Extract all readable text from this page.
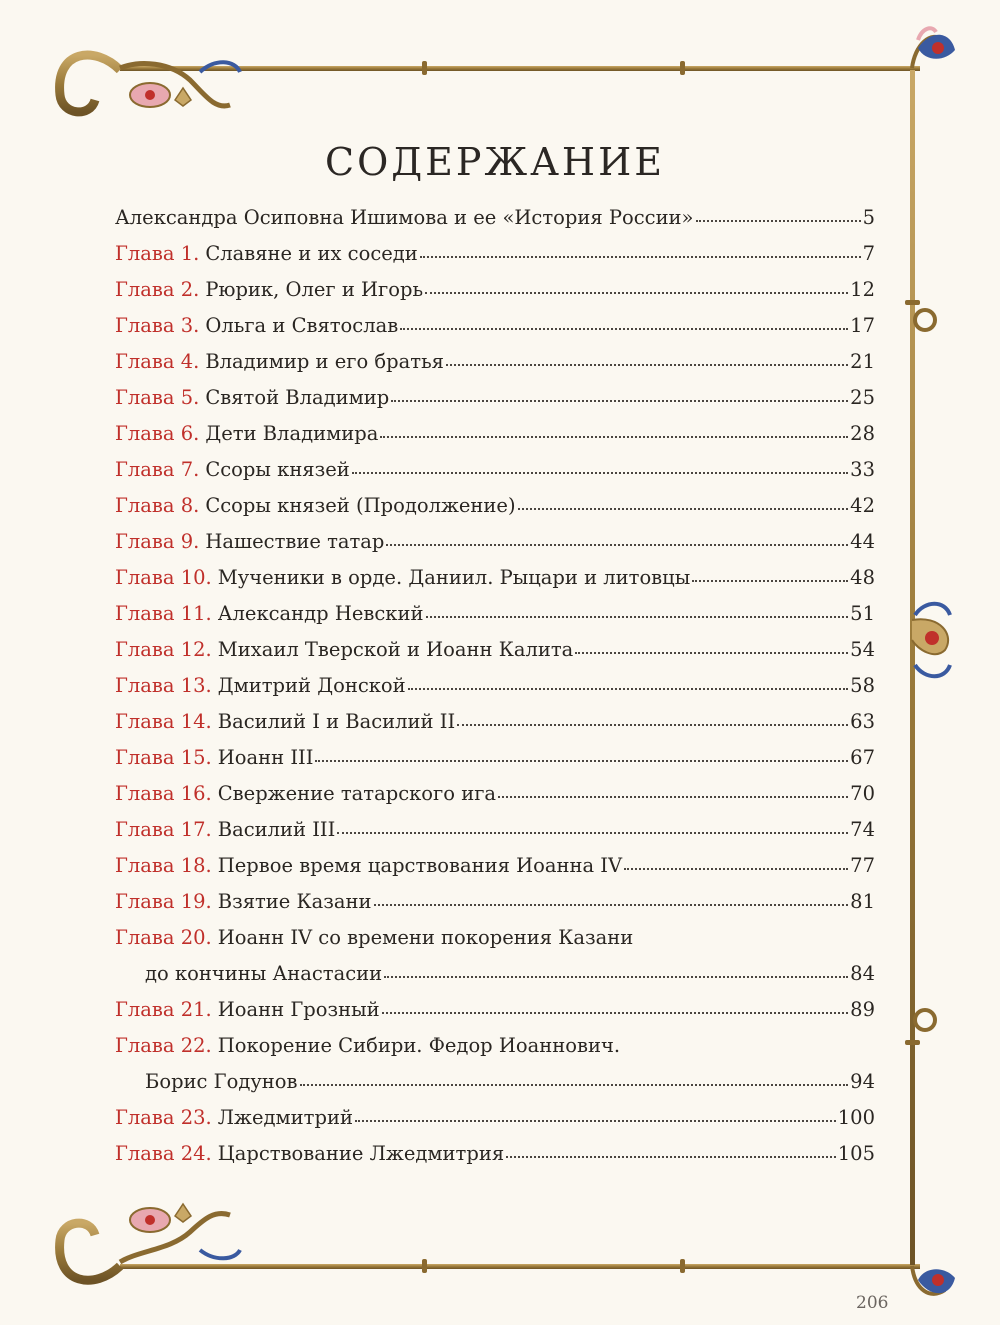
СОДЕРЖАНИЕ
Александра Осиповна Ишимова и ее «История России»	5
Глава 1. Славяне и их соседи	7
Глава 2. Рюрик, Олег и Игорь	12
Глава 3. Ольга и Святослав	17
Глава 4. Владимир и его братья	21
Глава 5. Святой Владимир	25
Глава 6. Дети Владимира	28
Глава 7. Ссоры князей	33
Глава 8. Ссоры князей (Продолжение)	42
Глава 9. Нашествие татар	44
Глава 10. Мученики в орде. Даниил. Рыцари и литовцы	48
Глава 11. Александр Невский	51
Глава 12. Михаил Тверской и Иоанн Калита	54
Глава 13. Дмитрий Донской	58
Глава 14. Василий I и Василий II	63
Глава 15. Иоанн III	67
Глава 16. Свержение татарского ига	70
Глава 17. Василий III	74
Глава 18. Первое время царствования Иоанна IV	77
Глава 19. Взятие Казани	81
Глава 20. Иоанн IV со времени покорения Казани
до кончины Анастасии	84
Глава 21. Иоанн Грозный	89
Глава 22. Покорение Сибири. Федор Иоаннович.
Борис Годунов	94
Глава 23. Лжедмитрий	100
Глава 24. Царствование Лжедмитрия	105
206
